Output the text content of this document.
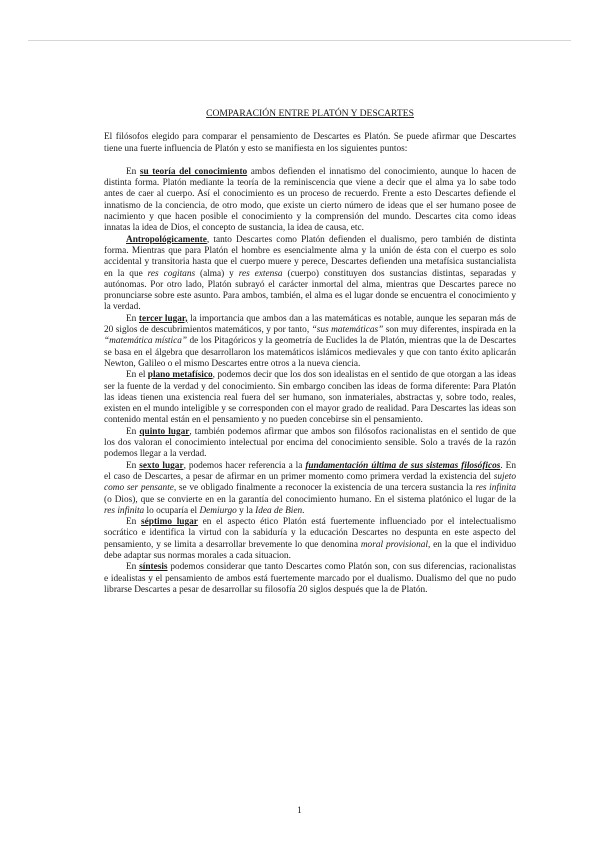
COMPARACIÓN ENTRE PLATÓN Y DESCARTES

El filósofos elegido para comparar el pensamiento de Descartes es Platón. Se puede afirmar que Descartes tiene una fuerte influencia de Platón y esto se manifiesta en los siguientes puntos:

En su teoría del conocimiento ambos defienden el innatismo del conocimiento, aunque lo hacen de distinta forma. Platón mediante la teoría de la reminiscencia que viene a decir que el alma ya lo sabe todo antes de caer al cuerpo. Así el conocimiento es un proceso de recuerdo. Frente a esto Descartes defiende el innatismo de la conciencia, de otro modo, que existe un cierto número de ideas que el ser humano posee de nacimiento y que hacen posible el conocimiento y la comprensión del mundo. Descartes cita como ideas innatas la idea de Dios, el concepto de sustancia, la idea de causa, etc.

Antropológicamente, tanto Descartes como Platón defienden el dualismo, pero también de distinta forma. Mientras que para Platón el hombre es esencialmente alma y la unión de ésta con el cuerpo es solo accidental y transitoria hasta que el cuerpo muere y perece, Descartes defienden una metafísica sustancialista en la que res cogitans (alma) y res extensa (cuerpo) constituyen dos sustancias distintas, separadas y autónomas. Por otro lado, Platón subrayó el carácter inmortal del alma, mientras que Descartes parece no pronunciarse sobre este asunto. Para ambos, también, el alma es el lugar donde se encuentra el conocimiento y la verdad.

En tercer lugar, la importancia que ambos dan a las matemáticas es notable, aunque les separan más de 20 siglos de descubrimientos matemáticos, y por tanto, “sus matemáticas” son muy diferentes, inspirada en la “matemática mística” de los Pitagóricos y la geometría de Euclides la de Platón, mientras que la de Descartes se basa en el álgebra que desarrollaron los matemáticos islámicos medievales y que con tanto éxito aplicarán Newton, Galileo o el mismo Descartes entre otros a la nueva ciencia.

En el plano metafísico, podemos decir que los dos son idealistas en el sentido de que otorgan a las ideas ser la fuente de la verdad y del conocimiento. Sin embargo conciben las ideas de forma diferente: Para Platón las ideas tienen una existencia real fuera del ser humano, son inmateriales, abstractas y, sobre todo, reales, existen en el mundo inteligible y se corresponden con el mayor grado de realidad. Para Descartes las ideas son contenido mental están en el pensamiento y no pueden concebirse sin el pensamiento.

En quinto lugar, también podemos afirmar que ambos son filósofos racionalistas en el sentido de que los dos valoran el conocimiento intelectual por encima del conocimiento sensible. Solo a través de la razón podemos llegar a la verdad.

En sexto lugar, podemos hacer referencia a la fundamentación última de sus sistemas filosóficos. En el caso de Descartes, a pesar de afirmar en un primer momento como primera verdad la existencia del sujeto como ser pensante, se ve obligado finalmente a reconocer la existencia de una tercera sustancia la res infinita (o Dios), que se convierte en en la garantía del conocimiento humano. En el sistema platónico el lugar de la res infinita lo ocuparía el Demiurgo y la Idea de Bien.

En séptimo lugar en el aspecto ético Platón está fuertemente influenciado por el intelectualismo socrático e identifica la virtud con la sabiduría y la educación Descartes no despunta en este aspecto del pensamiento, y se limita a desarrollar brevemente lo que denomina moral provisional, en la que el individuo debe adaptar sus normas morales a cada situacion.

En síntesis podemos considerar que tanto Descartes como Platón son, con sus diferencias, racionalistas e idealistas y el pensamiento de ambos está fuertemente marcado por el dualismo. Dualismo del que no pudo librarse Descartes a pesar de desarrollar su filosofía 20 siglos después que la de Platón.

1
